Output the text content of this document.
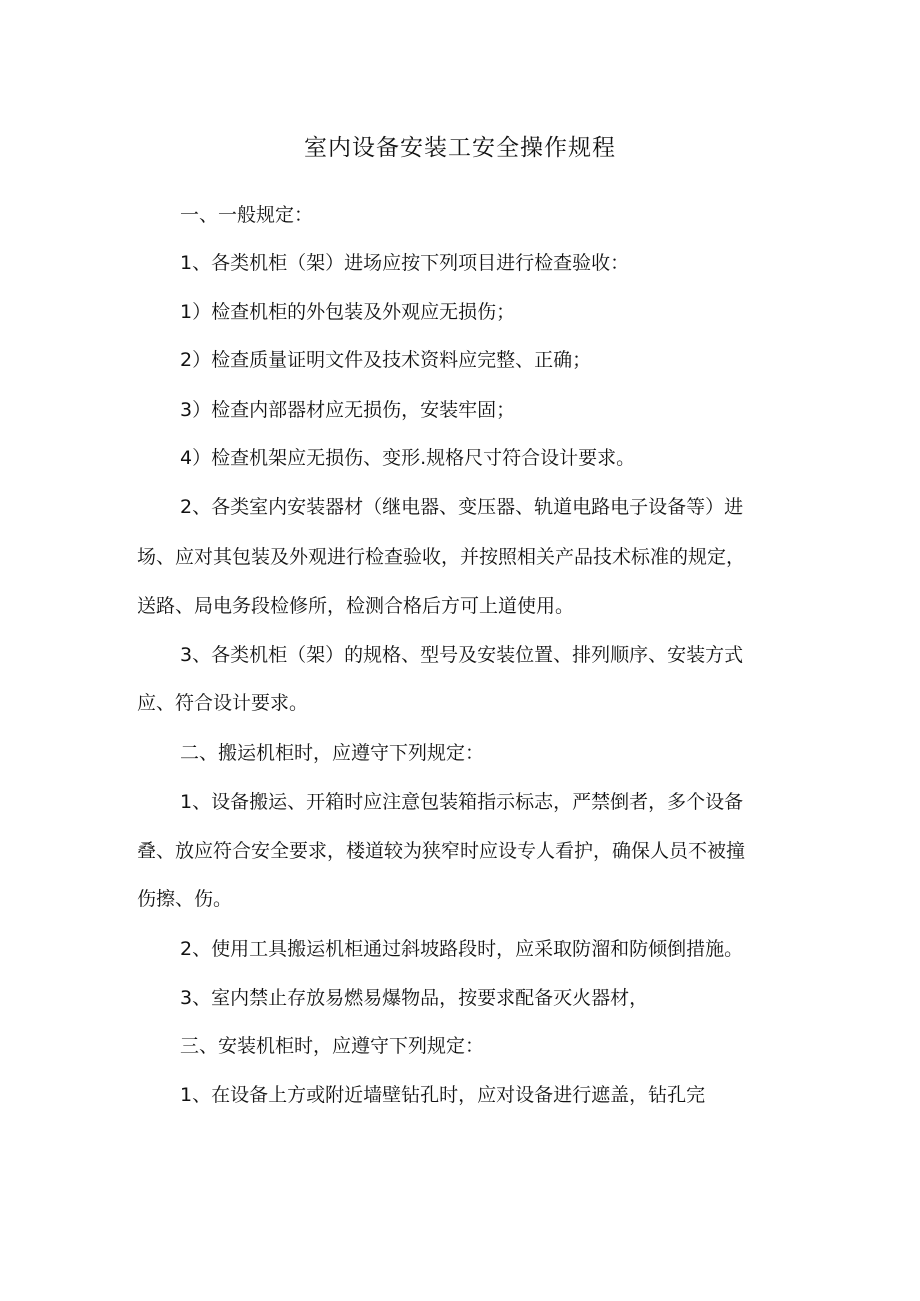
室内设备安装工安全操作规程

一、一般规定：

1、各类机柜（架）进场应按下列项目进行检查验收：

1）检查机柜的外包装及外观应无损伤；

2）检查质量证明文件及技术资料应完整、正确；

3）检查内部器材应无损伤，安装牢固；

4）检查机架应无损伤、变形.规格尺寸符合设计要求。

2、各类室内安装器材（继电器、变压器、轨道电路电子设备等）进

场、应对其包装及外观进行检查验收，并按照相关产品技术标准的规定，

送路、局电务段检修所，检测合格后方可上道使用。

3、各类机柜（架）的规格、型号及安装位置、排列顺序、安装方式

应、符合设计要求。

二、搬运机柜时，应遵守下列规定：

1、设备搬运、开箱时应注意包装箱指示标志，严禁倒者，多个设备

叠、放应符合安全要求，楼道较为狭窄时应设专人看护，确保人员不被撞

伤擦、伤。

2、使用工具搬运机柜通过斜坡路段时，应采取防溜和防倾倒措施。

3、室内禁止存放易燃易爆物品，按要求配备灭火器材，

三、安装机柜时，应遵守下列规定：

1、在设备上方或附近墙壁钻孔时，应对设备进行遮盖，钻孔完
